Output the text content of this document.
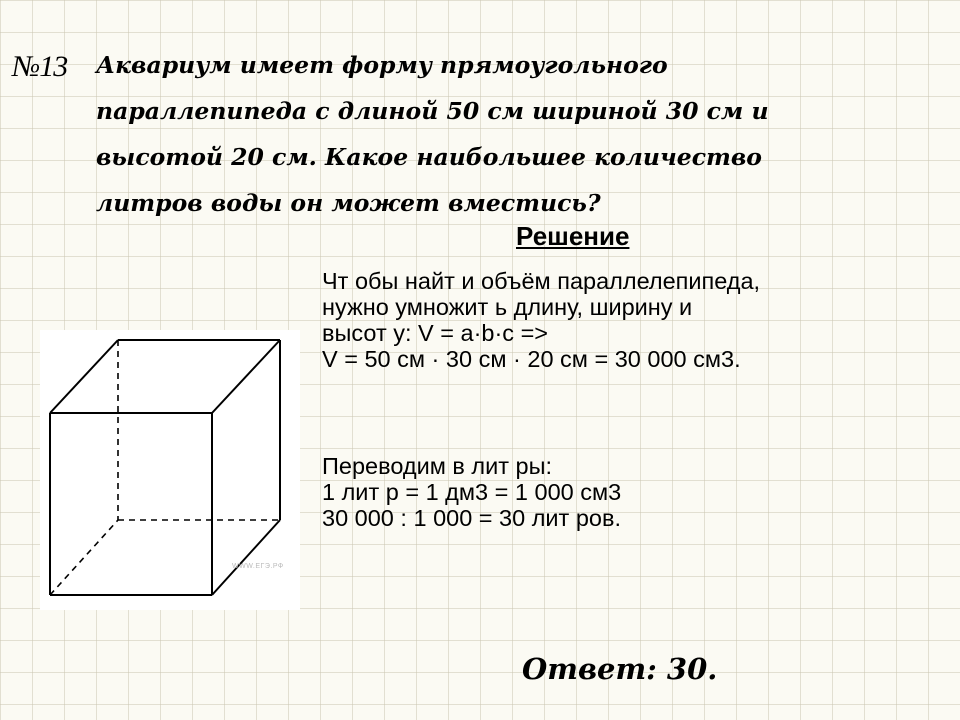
№13 Аквариум имеет форму прямоугольного
параллепипеда с длиной 50 см шириной 30 см и
высотой 20 см. Какое наибольшее количество
литров воды он может вместись?

Решение
Чт обы найт и объём параллелепипеда,
нужно умножит ь длину, ширину и
высот у: V = a·b·c =>
V = 50 см · 30 см · 20 см = 30 000 см3.
Переводим в лит ры:
1 лит р = 1 дм3 = 1 000 см3
30 000 : 1 000 = 30 лит ров.
WWW.ЕГЭ.РФ
Ответ: 30.
